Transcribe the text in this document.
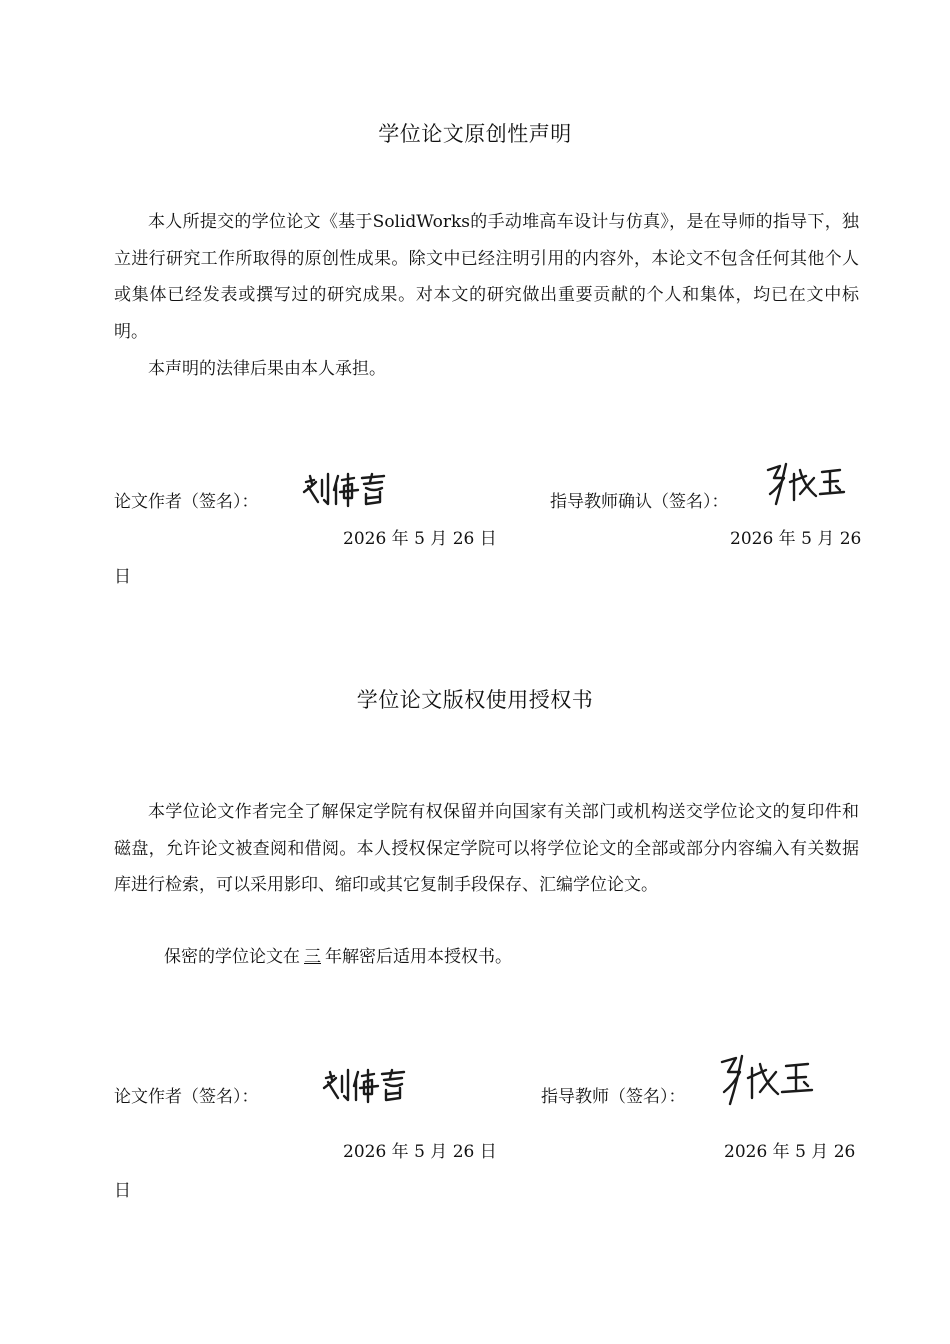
学位论文原创性声明

本人所提交的学位论文《基于SolidWorks的手动堆高车设计与仿真》，是在导师的指导下，独立进行研究工作所取得的原创性成果。除文中已经注明引用的内容外，本论文不包含任何其他个人或集体已经发表或撰写过的研究成果。对本文的研究做出重要贡献的个人和集体，均已在文中标明。

本声明的法律后果由本人承担。

论文作者（签名）：	指导教师确认（签名）：
2026 年 5 月 26 日	2026 年 5 月 26
日
学位论文版权使用授权书

本学位论文作者完全了解保定学院有权保留并向国家有关部门或机构送交学位论文的复印件和磁盘，允许论文被查阅和借阅。本人授权保定学院可以将学位论文的全部或部分内容编入有关数据库进行检索，可以采用影印、缩印或其它复制手段保存、汇编学位论文。

保密的学位论文在 三 年解密后适用本授权书。
论文作者（签名）：	指导教师（签名）：
2026 年 5 月 26 日	2026 年 5 月 26
日
